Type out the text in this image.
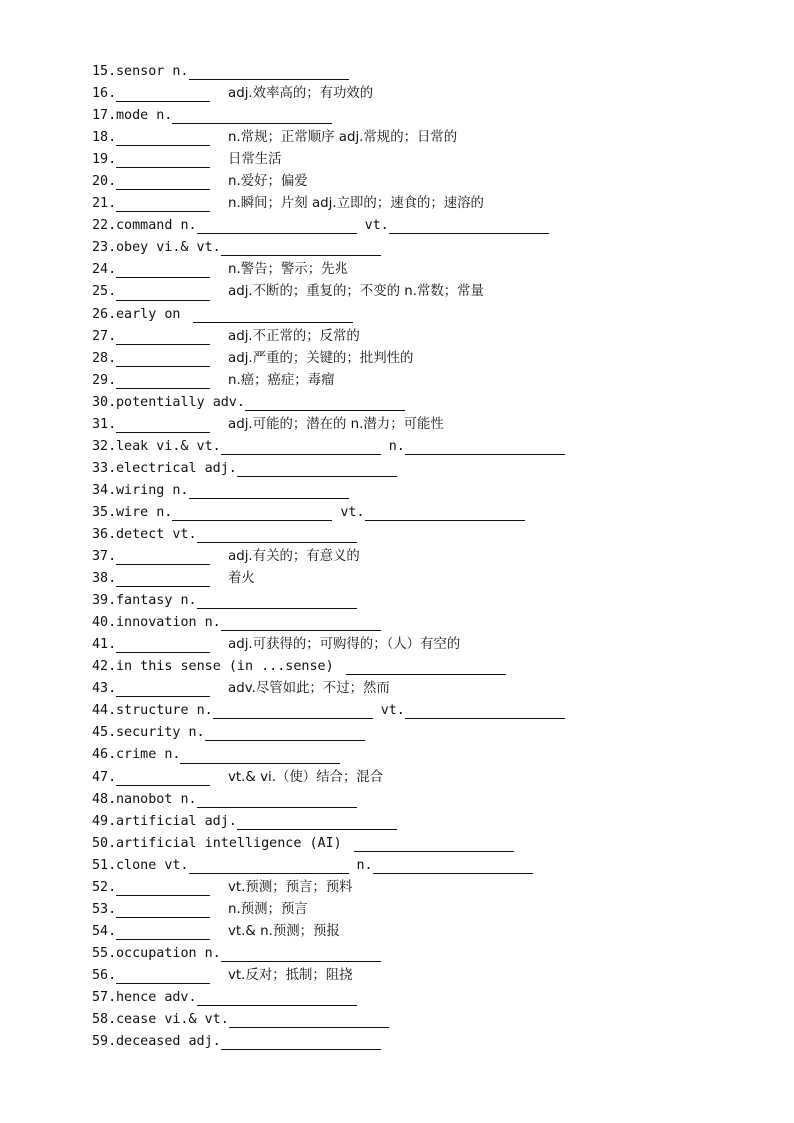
15.sensor n.
16.	adj.效率高的；有功效的
17.mode n.
18.	n.常规；正常顺序 adj.常规的；日常的
19.	日常生活
20.	n.爱好；偏爱
21.	n.瞬间；片刻 adj.立即的；速食的；速溶的
22.command n.	vt.
23.obey vi.& vt.
24.	n.警告；警示；先兆
25.	adj.不断的；重复的；不变的 n.常数；常量
26.early on
27.	adj.不正常的；反常的
28.	adj.严重的；关键的；批判性的
29.	n.癌；癌症；毒瘤
30.potentially adv.
31.	adj.可能的；潜在的 n.潜力；可能性
32.leak vi.& vt.	n.
33.electrical adj.
34.wiring n.
35.wire n.	vt.
36.detect vt.
37.	adj.有关的；有意义的
38.	着火
39.fantasy n.
40.innovation n.
41.	adj.可获得的；可购得的；（人）有空的
42.in this sense (in ...sense)
43.	adv.尽管如此；不过；然而
44.structure n.	vt.
45.security n.
46.crime n.
47.	vt.& vi.（使）结合；混合
48.nanobot n.
49.artificial adj.
50.artificial intelligence (AI)
51.clone vt.	n.
52.	vt.预测；预言；预料
53.	n.预测；预言
54.	vt.& n.预测；预报
55.occupation n.
56.	vt.反对；抵制；阻挠
57.hence adv.
58.cease vi.& vt.
59.deceased adj.
